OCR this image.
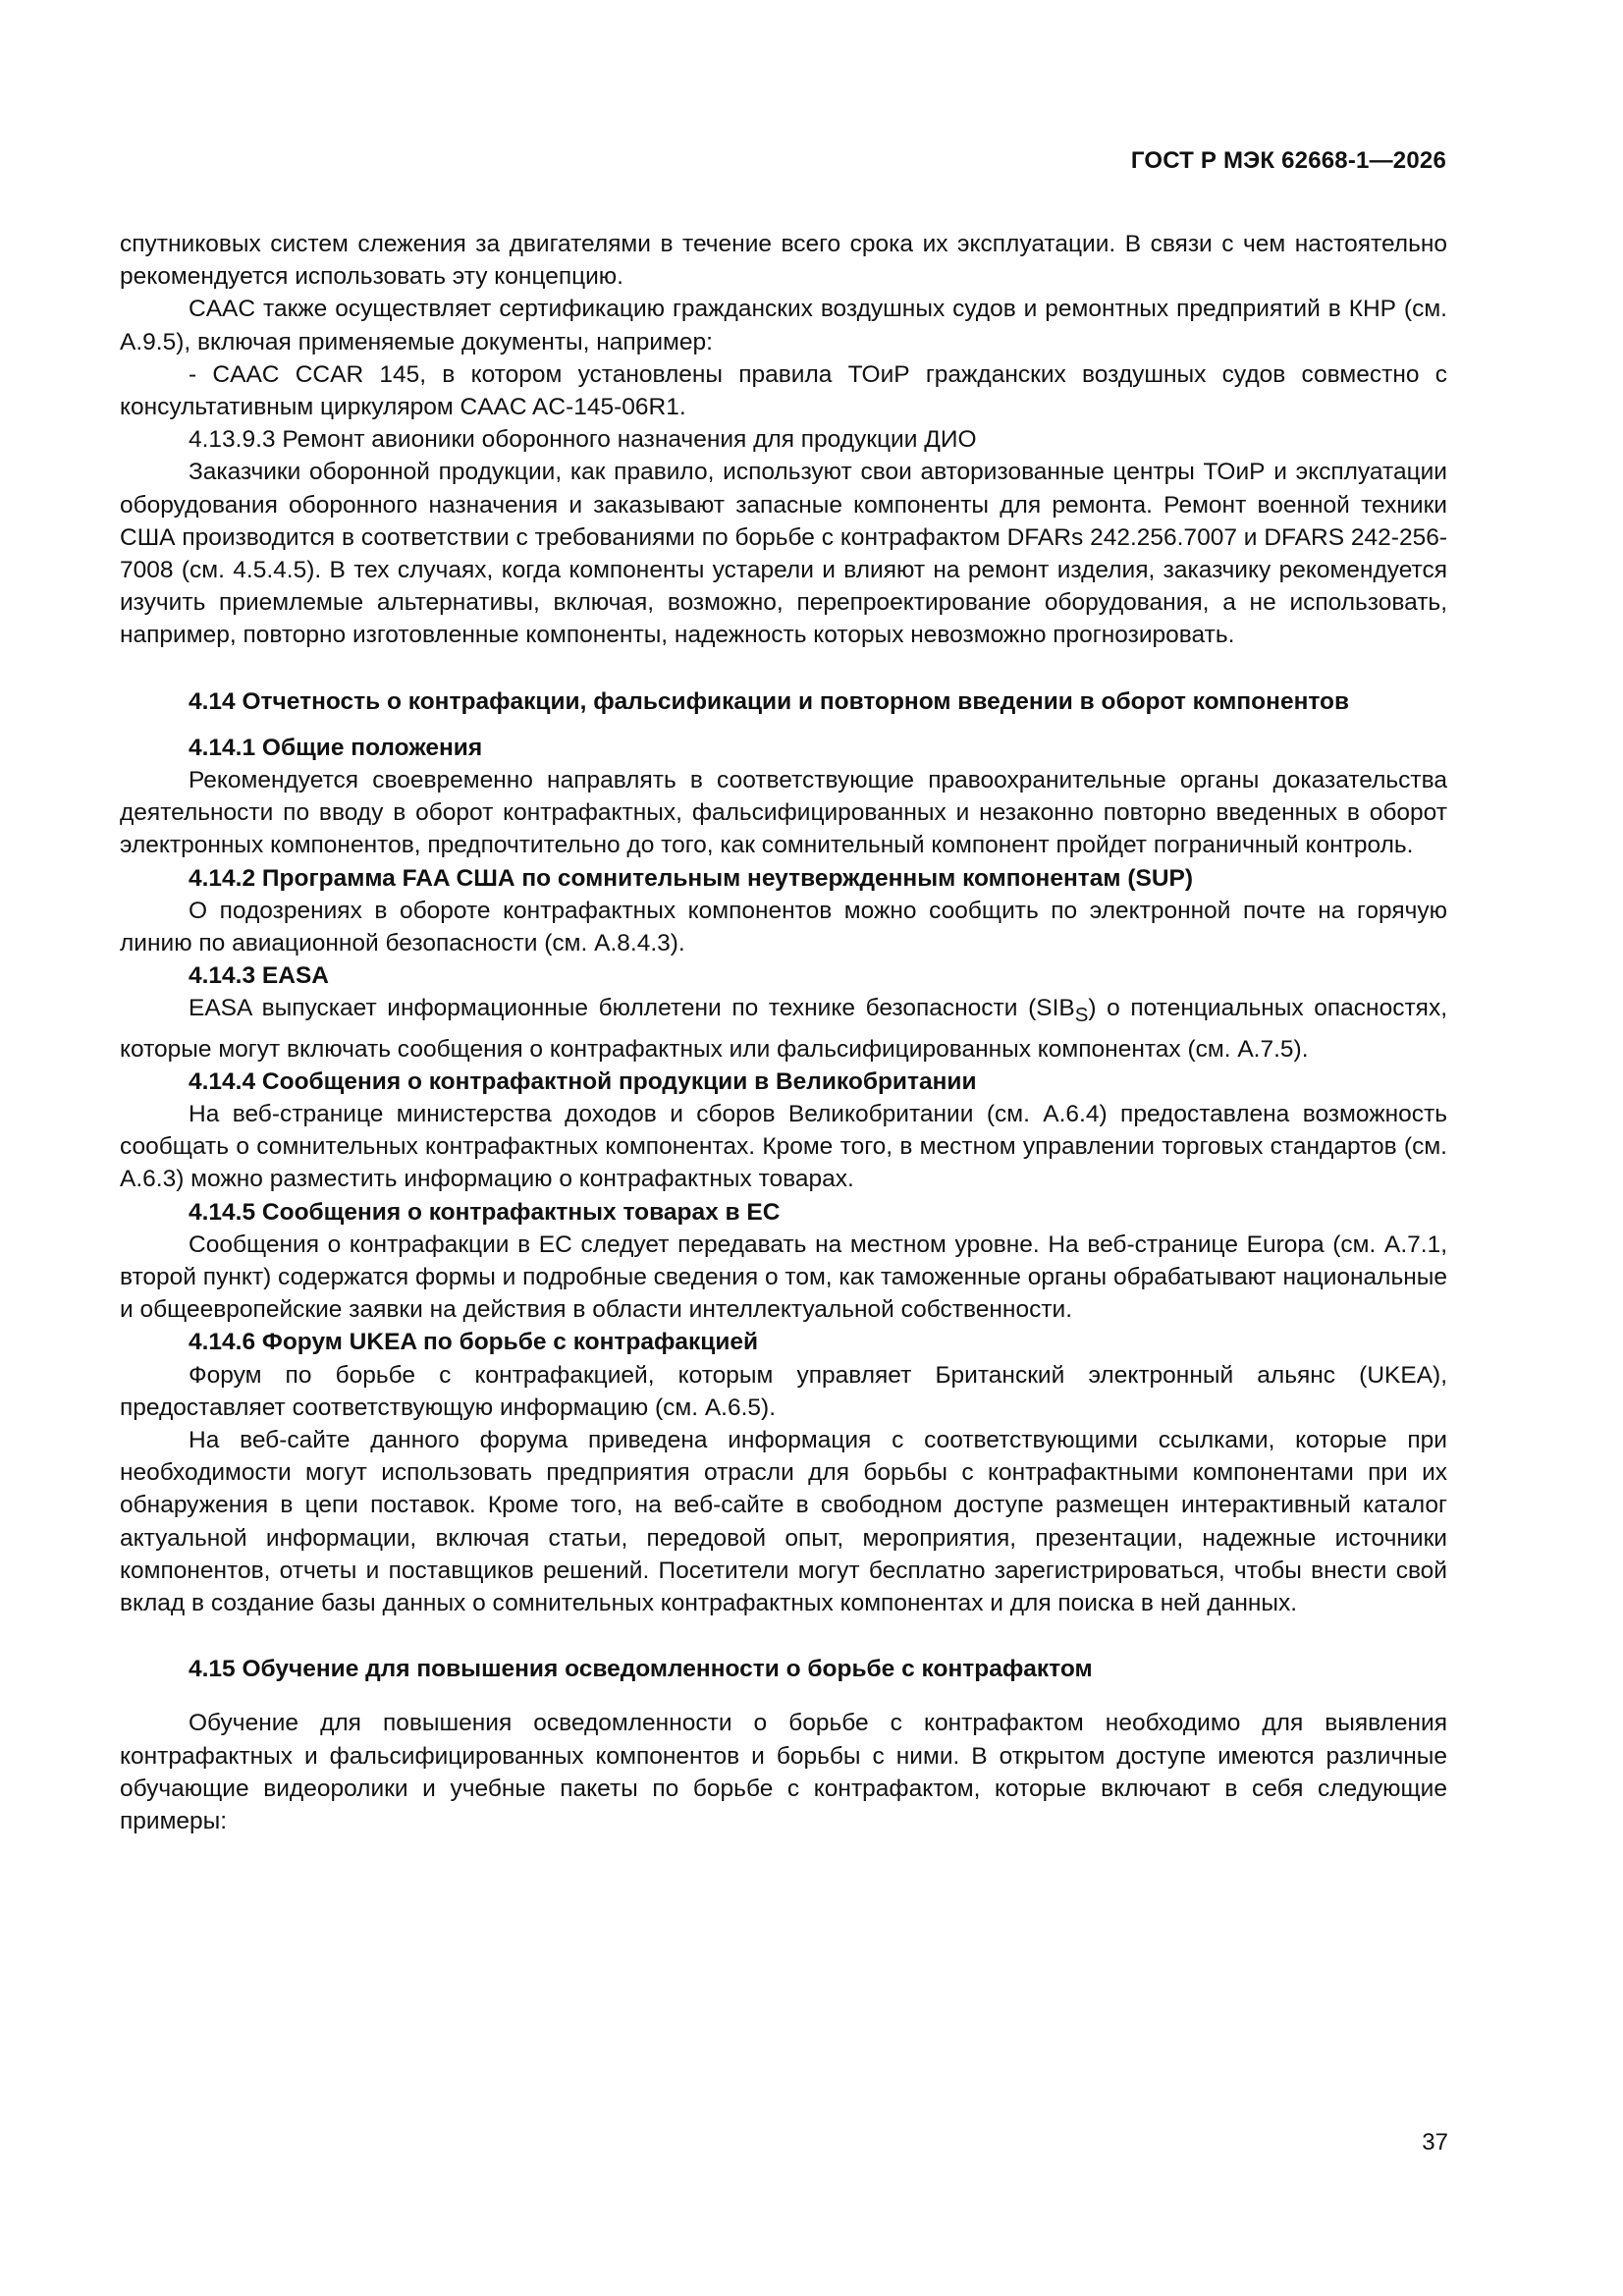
ГОСТ Р МЭК 62668-1—2026

спутниковых систем слежения за двигателями в течение всего срока их эксплуатации. В связи с чем настоятельно рекомендуется использовать эту концепцию.

CAAC также осуществляет сертификацию гражданских воздушных судов и ремонтных предприятий в КНР (см. A.9.5), включая применяемые документы, например:

- CAAC CCAR 145, в котором установлены правила ТОиР гражданских воздушных судов совместно с консультативным циркуляром CAAC AC-145-06R1.

4.13.9.3 Ремонт авионики оборонного назначения для продукции ДИО

Заказчики оборонной продукции, как правило, используют свои авторизованные центры ТОиР и эксплуатации оборудования оборонного назначения и заказывают запасные компоненты для ремонта. Ремонт военной техники США производится в соответствии с требованиями по борьбе с контрафактом DFARs 242.256.7007 и DFARS 242-256-7008 (см. 4.5.4.5). В тех случаях, когда компоненты устарели и влияют на ремонт изделия, заказчику рекомендуется изучить приемлемые альтернативы, включая, возможно, перепроектирование оборудования, а не использовать, например, повторно изготовленные компоненты, надежность которых невозможно прогнозировать.

4.14 Отчетность о контрафакции, фальсификации и повторном введении в оборот компонентов

4.14.1 Общие положения

Рекомендуется своевременно направлять в соответствующие правоохранительные органы доказательства деятельности по вводу в оборот контрафактных, фальсифицированных и незаконно повторно введенных в оборот электронных компонентов, предпочтительно до того, как сомнительный компонент пройдет пограничный контроль.

4.14.2 Программа FAA США по сомнительным неутвержденным компонентам (SUP)

О подозрениях в обороте контрафактных компонентов можно сообщить по электронной почте на горячую линию по авиационной безопасности (см. A.8.4.3).

4.14.3 EASA

EASA выпускает информационные бюллетени по технике безопасности $(SIB_S)$ о потенциальных опасностях, которые могут включать сообщения о контрафактных или фальсифицированных компонентах (см. A.7.5).

4.14.4 Сообщения о контрафактной продукции в Великобритании

На веб-странице министерства доходов и сборов Великобритании (см. A.6.4) предоставлена возможность сообщать о сомнительных контрафактных компонентах. Кроме того, в местном управлении торговых стандартов (см. A.6.3) можно разместить информацию о контрафактных товарах.

4.14.5 Сообщения о контрафактных товарах в ЕС

Сообщения о контрафакции в ЕС следует передавать на местном уровне. На веб-странице Europa (см. A.7.1, второй пункт) содержатся формы и подробные сведения о том, как таможенные органы обрабатывают национальные и общеевропейские заявки на действия в области интеллектуальной собственности.

4.14.6 Форум UKEA по борьбе с контрафакцией

Форум по борьбе с контрафакцией, которым управляет Британский электронный альянс (UKEA), предоставляет соответствующую информацию (см. A.6.5).

На веб-сайте данного форума приведена информация с соответствующими ссылками, которые при необходимости могут использовать предприятия отрасли для борьбы с контрафактными компонентами при их обнаружения в цепи поставок. Кроме того, на веб-сайте в свободном доступе размещен интерактивный каталог актуальной информации, включая статьи, передовой опыт, мероприятия, презентации, надежные источники компонентов, отчеты и поставщиков решений. Посетители могут бесплатно зарегистрироваться, чтобы внести свой вклад в создание базы данных о сомнительных контрафактных компонентах и для поиска в ней данных.

4.15 Обучение для повышения осведомленности о борьбе с контрафактом

Обучение для повышения осведомленности о борьбе с контрафактом необходимо для выявления контрафактных и фальсифицированных компонентов и борьбы с ними. В открытом доступе имеются различные обучающие видеоролики и учебные пакеты по борьбе с контрафактом, которые включают в себя следующие примеры:

37
